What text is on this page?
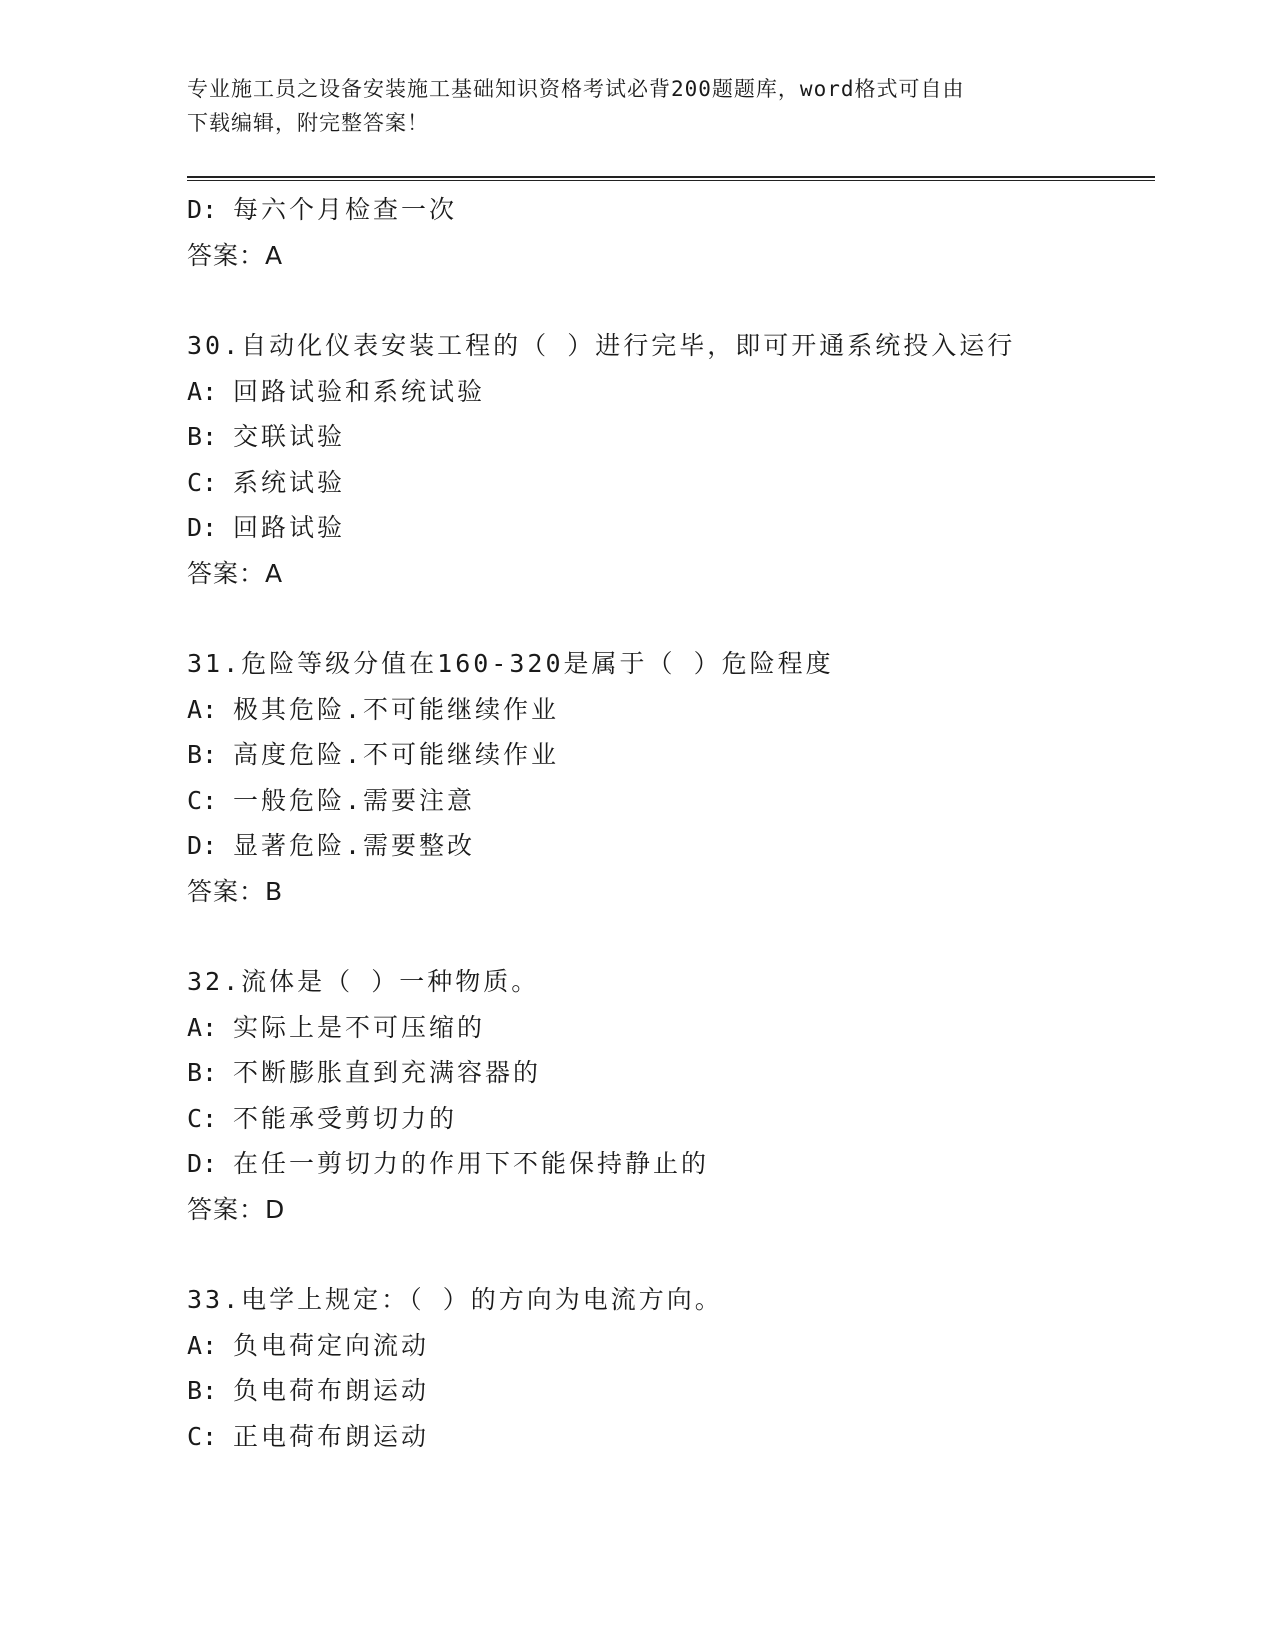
专业施工员之设备安装施工基础知识资格考试必背200题题库，word格式可自由
下载编辑，附完整答案！
D: 每六个月检查一次
答案：A
30.自动化仪表安装工程的（ ）进行完毕，即可开通系统投入运行
A: 回路试验和系统试验
B: 交联试验
C: 系统试验
D: 回路试验
答案：A
31.危险等级分值在160-320是属于（ ）危险程度
A: 极其危险.不可能继续作业
B: 高度危险.不可能继续作业
C: 一般危险.需要注意
D: 显著危险.需要整改
答案：B
32.流体是（ ）一种物质。
A: 实际上是不可压缩的
B: 不断膨胀直到充满容器的
C: 不能承受剪切力的
D: 在任一剪切力的作用下不能保持静止的
答案：D
33.电学上规定：（ ）的方向为电流方向。
A: 负电荷定向流动
B: 负电荷布朗运动
C: 正电荷布朗运动
